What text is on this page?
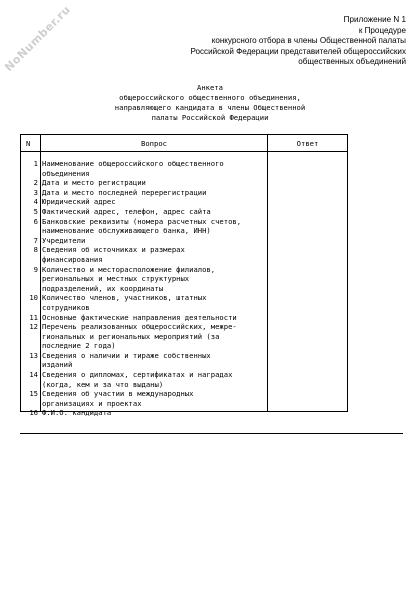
NoNumber.ru	Приложение N 1
к Процедуре
конкурсного отбора в члены Общественной палаты
Российской Федерации представителей общероссийских
общественных объединений
Анкета
общероссийского общественного объединения,
направляющего кандидата в члены Общественной
палаты Российской Федерации
N	Вопрос	Ответ
1 Наименование общероссийского общественного
объединения
2 Дата и место регистрации
3 Дата и место последней перерегистрации
4 Юридический адрес
5 Фактический адрес, телефон, адрес сайта
6 Банковские реквизиты (номера расчетных счетов,
наименование обслуживающего банка, ИНН)
7 Учредители
8 Сведения об источниках и размерах
финансирования
9 Количество и месторасположение филиалов,
региональных и местных структурных
подразделений, их координаты
10 Количество членов, участников, штатных
сотрудников
11 Основные фактические направления деятельности
12 Перечень реализованных общероссийских, межре-
гиональных и региональных мероприятий (за
последние 2 года)
13 Сведения о наличии и тираже собственных
изданий
14 Сведения о дипломах, сертификатах и наградах
(когда, кем и за что выданы)
15 Сведения об участии в международных
организациях и проектах
16 Ф.И.О. кандидата
